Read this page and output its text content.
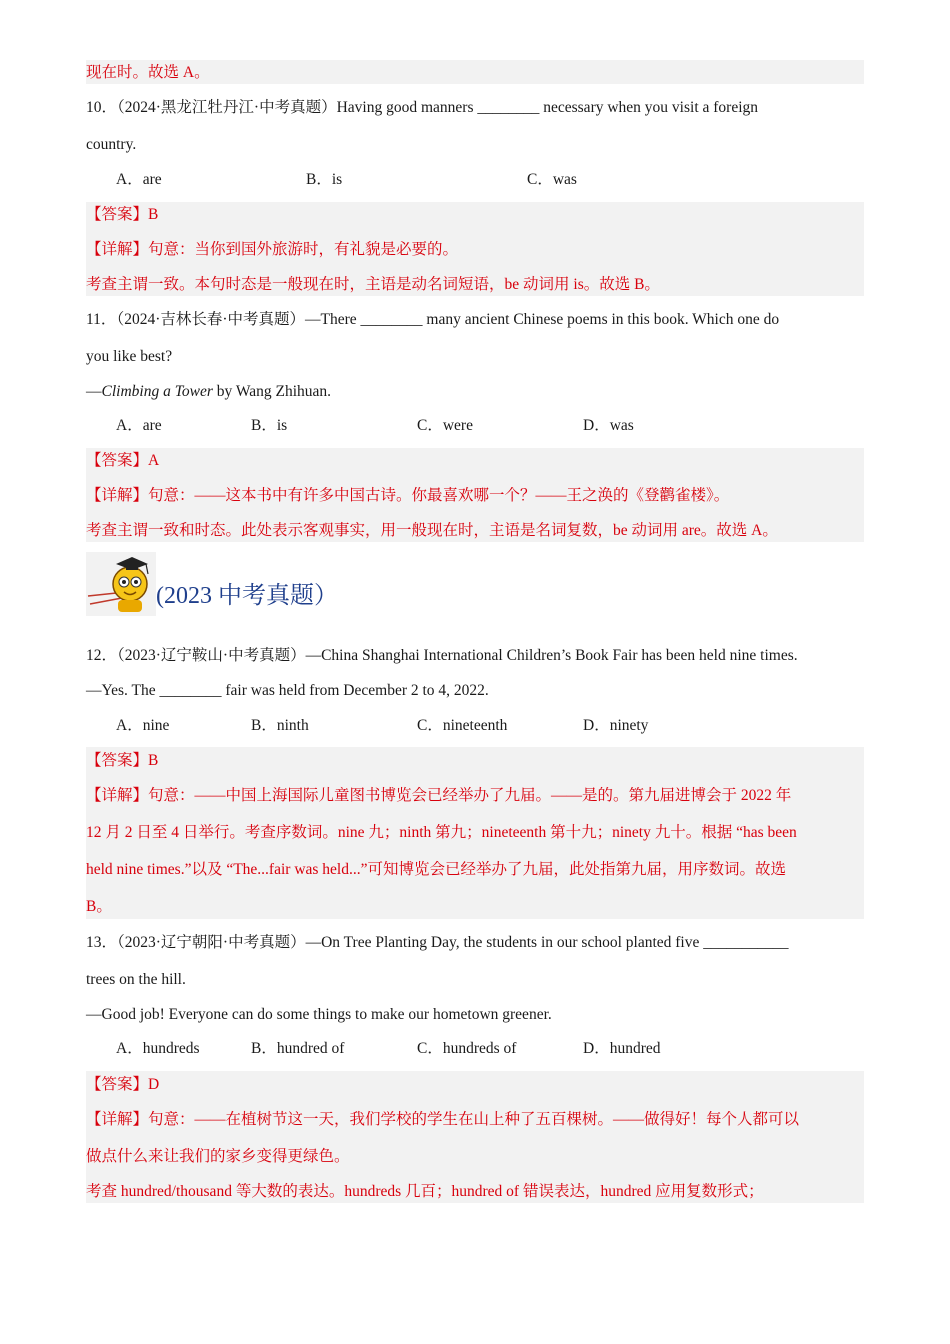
现在时。故选 A。
10．（2024·黑龙江牡丹江·中考真题）Having good manners ________ necessary when you visit a foreign
country.
A．are	B．is	C．was
【答案】B
【详解】句意：当你到国外旅游时，有礼貌是必要的。
考查主谓一致。本句时态是一般现在时，主语是动名词短语，be 动词用 is。故选 B。
11．（2024·吉林长春·中考真题）—There ________ many ancient Chinese poems in this book. Which one do
you like best?
—Climbing a Tower by Wang Zhihuan.
A．are	B．is	C．were	D．was
【答案】A
【详解】句意：——这本书中有许多中国古诗。你最喜欢哪一个？——王之涣的《登鹳雀楼》。
考查主谓一致和时态。此处表示客观事实，用一般现在时，主语是名词复数，be 动词用 are。故选 A。
(2023 中考真题）
12．（2023·辽宁鞍山·中考真题）—China Shanghai International Children’s Book Fair has been held nine times.
—Yes. The ________ fair was held from December 2 to 4, 2022.
A．nine	B．ninth	C．nineteenth	D．ninety
【答案】B
【详解】句意：——中国上海国际儿童图书博览会已经举办了九届。——是的。第九届进博会于 2022 年
12 月 2 日至 4 日举行。考查序数词。nine 九；ninth 第九；nineteenth 第十九；ninety 九十。根据 “has been
held nine times.”以及 “The...fair was held...”可知博览会已经举办了九届，此处指第九届，用序数词。故选
B。
13．（2023·辽宁朝阳·中考真题）—On Tree Planting Day, the students in our school planted five ___________
trees on the hill.
—Good job! Everyone can do some things to make our hometown greener.
A．hundreds	B．hundred of	C．hundreds of	D．hundred
【答案】D
【详解】句意：——在植树节这一天，我们学校的学生在山上种了五百棵树。——做得好！每个人都可以
做点什么来让我们的家乡变得更绿色。
考查 hundred/thousand 等大数的表达。hundreds 几百；hundred of 错误表达，hundred 应用复数形式；
